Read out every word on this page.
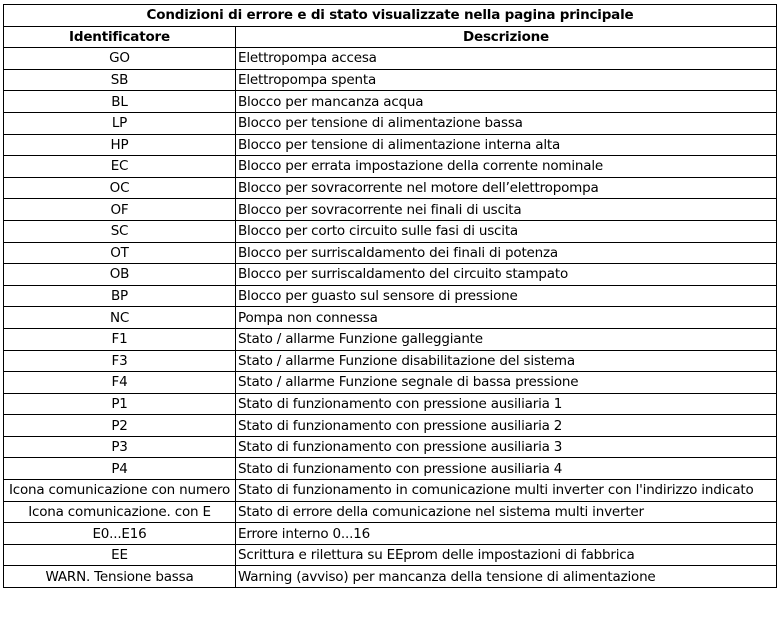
Condizioni di errore e di stato visualizzate nella pagina principale	
Identificatore	Descrizione
GO	Elettropompa accesa
SB	Elettropompa spenta
BL	Blocco per mancanza acqua
LP	Blocco per tensione di alimentazione bassa
HP	Blocco per tensione di alimentazione interna alta
EC	Blocco per errata impostazione della corrente nominale
OC	Blocco per sovracorrente nel motore dell’elettropompa
OF	Blocco per sovracorrente nei finali di uscita
SC	Blocco per corto circuito sulle fasi di uscita
OT	Blocco per surriscaldamento dei finali di potenza
OB	Blocco per surriscaldamento del circuito stampato
BP	Blocco per guasto sul sensore di pressione
NC	Pompa non connessa
F1	Stato / allarme Funzione galleggiante
F3	Stato / allarme Funzione disabilitazione del sistema
F4	Stato / allarme Funzione segnale di bassa pressione
P1	Stato di funzionamento con pressione ausiliaria 1
P2	Stato di funzionamento con pressione ausiliaria 2
P3	Stato di funzionamento con pressione ausiliaria 3
P4	Stato di funzionamento con pressione ausiliaria 4
Icona comunicazione con numero	Stato di funzionamento in comunicazione multi inverter con l'indirizzo indicato
Icona comunicazione. con E	Stato di errore della comunicazione nel sistema multi inverter
E0...E16	Errore interno 0...16
EE	Scrittura e rilettura su EEprom delle impostazioni di fabbrica
WARN. Tensione bassa	Warning (avviso) per mancanza della tensione di alimentazione
